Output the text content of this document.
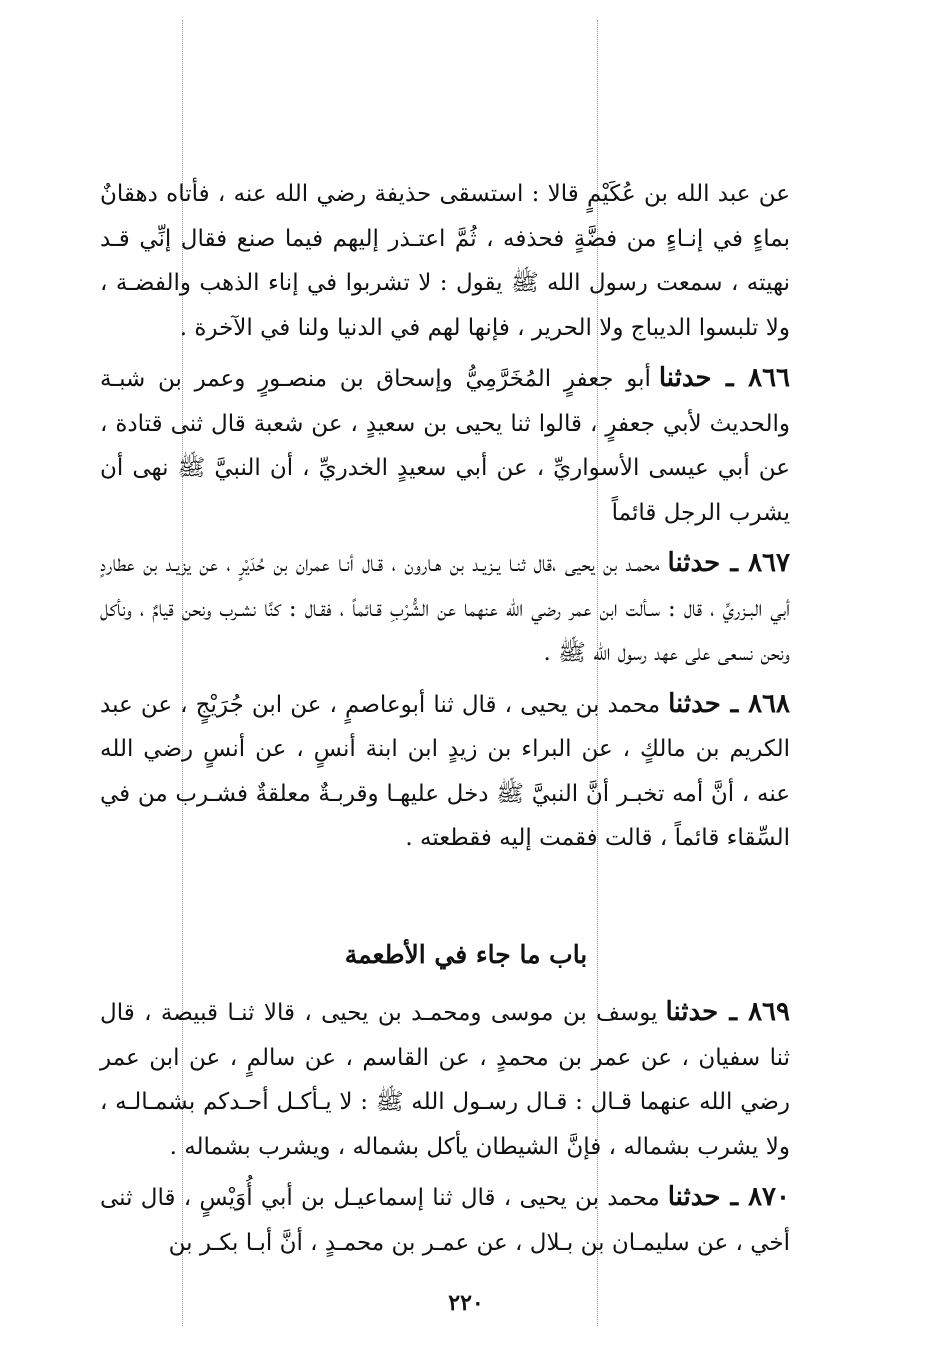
عن عبد الله بن عُكَيْمٍ قالا : استسقى حذيفة رضي الله عنه ، فأتاه دهقانٌ بماءٍ في إنـاءٍ من فضَّةٍ فحذفه ، ثُمَّ اعتـذر إليهم فيما صنع فقال إنِّي قـد نهيته ، سمعت رسول الله ﷺ يقول : لا تشربوا في إناء الذهب والفضـة ، ولا تلبسوا الديباج ولا الحرير ، فإنها لهم في الدنيا ولنا في الآخرة .

٨٦٦ ـ حدثناأبو جعفرٍ المُخَرَّمِيُّ وإسحاق بن منصـورٍ وعمر بن شبـة والحديث لأبي جعفرٍ ، قالوا ثنا يحيى بن سعيدٍ ، عن شعبة قال ثنى قتادة ، عن أبي عيسى الأسواريِّ ، عن أبي سعيدٍ الخدريِّ ، أن النبيَّ ﷺ نهى أن يشرب الرجل قائماً

٨٦٧ ـ حدثنامحمـد بن يحيى ،قال ثنـا يـزيـد بن هـارون ، قـال أنـا عمران بن حُدَيْرٍ ، عن يزيـد بن عطاردٍ أبي البـزريِّ ، قال : سـألت ابن عمر رضي الله عنهما عن الشُّرْبِ قـائماً ، فقـال : كنَّا نشـرب ونحن قيامٌ ، ونأكل ونحن نسعى على عهد رسول الله ﷺ .

٨٦٨ ـ حدثنامحمد بن يحيى ، قال ثنا أبوعاصمٍ ، عن ابن جُرَيْجٍ ، عن عبد الكريم بن مالكٍ ، عن البراء بن زيدٍ ابن ابنة أنسٍ ، عن أنسٍ رضي الله عنه ، أنَّ أمه تخبـر أنَّ النبيَّ ﷺ دخل عليهـا وقربـةٌ معلقةٌ فشـرب من في السِّقاء قائماً ، قالت فقمت إليه فقطعته .

باب ما جاء في الأطعمة

٨٦٩ ـ حدثنايوسف بن موسى ومحمـد بن يحيى ، قالا ثنـا قبيصة ، قال ثنا سفيان ، عن عمر بن محمدٍ ، عن القاسم ، عن سالمٍ ، عن ابن عمر رضي الله عنهما قـال : قـال رسـول الله ﷺ : لا يـأكـل أحـدكم بشمـالـه ، ولا يشرب بشماله ، فإنَّ الشيطان يأكل بشماله ، ويشرب بشماله .

٨٧٠ ـ حدثنامحمد بن يحيى ، قال ثنا إسماعيـل بن أبي أُوَيْسٍ ، قال ثنى أخي ، عن سليمـان بن بـلال ، عن عمـر بن محمـدٍ ، أنَّ أبـا بكـر بن

٢٢٠
